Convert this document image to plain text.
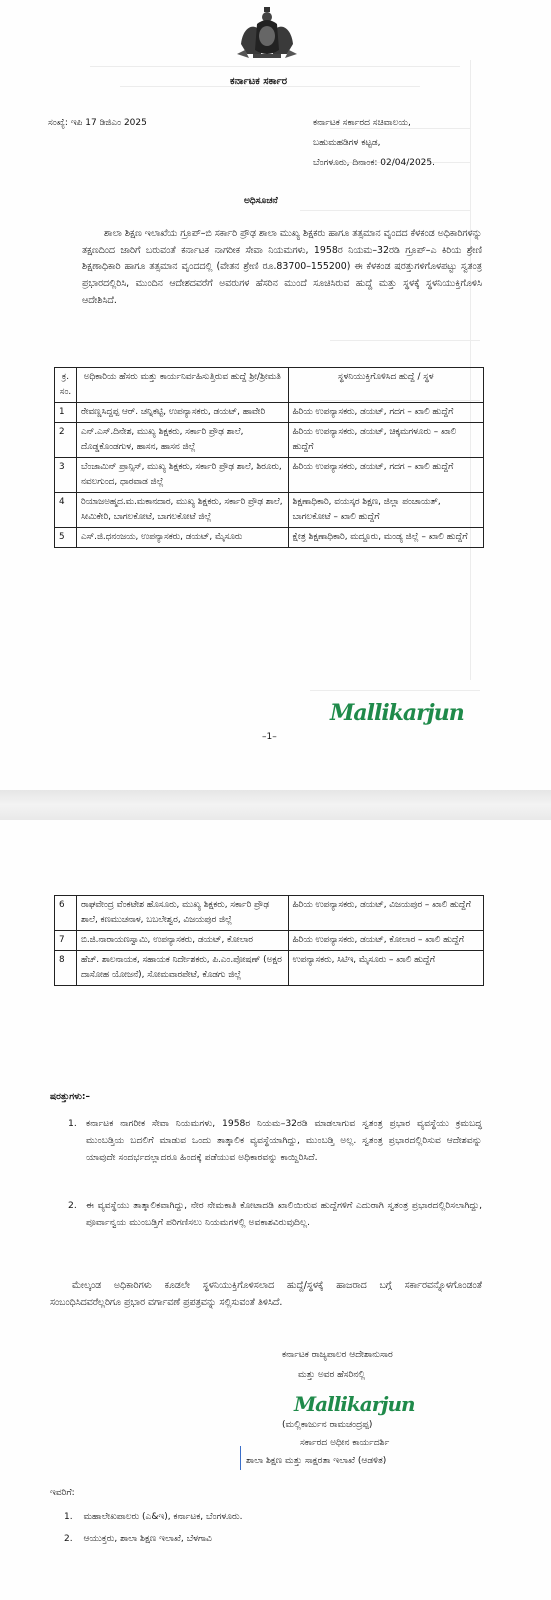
ಕರ್ನಾಟಕ ಸರ್ಕಾರ
ಸಂಖ್ಯೆ: ಇಪಿ 17 ಡಿಜಿಎಂ 2025	ಕರ್ನಾಟಕ ಸರ್ಕಾರದ ಸಚಿವಾಲಯ,
ಬಹುಮಹಡಿಗಳ ಕಟ್ಟಡ,
ಬೆಂಗಳೂರು, ದಿನಾಂಕ: 02/04/2025.
ಅಧಿಸೂಚನೆ
ಶಾಲಾ ಶಿಕ್ಷಣ ಇಲಾಖೆಯ ಗ್ರೂಪ್–ಬಿ ಸರ್ಕಾರಿ ಪ್ರೌಢ ಶಾಲಾ ಮುಖ್ಯ ಶಿಕ್ಷಕರು ಹಾಗೂ ತತ್ಸಮಾನ ವೃಂದದ ಕೆಳಕಂಡ ಅಧಿಕಾರಿಗಳನ್ನು ತಕ್ಷಣದಿಂದ ಜಾರಿಗೆ ಬರುವಂತೆ ಕರ್ನಾಟಕ ನಾಗರೀಕ ಸೇವಾ ನಿಯಮಗಳು, 1958ರ ನಿಯಮ–32ರಡಿ ಗ್ರೂಪ್–ಎ ಕಿರಿಯ ಶ್ರೇಣಿ ಶಿಕ್ಷಣಾಧಿಕಾರಿ ಹಾಗೂ ತತ್ಸಮಾನ ವೃಂದದಲ್ಲಿ (ವೇತನ ಶ್ರೇಣಿ ರೂ.83700–155200) ಈ ಕೆಳಕಂಡ ಷರತ್ತುಗಳಿಗೊಳಪಟ್ಟು ಸ್ವತಂತ್ರ ಪ್ರಭಾರದಲ್ಲಿರಿಸಿ, ಮುಂದಿನ ಆದೇಶದವರೆಗೆ ಅವರುಗಳ ಹೆಸರಿನ ಮುಂದೆ ಸೂಚಿಸಿರುವ ಹುದ್ದೆ ಮತ್ತು ಸ್ಥಳಕ್ಕೆ ಸ್ಥಳನಿಯುಕ್ತಿಗೊಳಿಸಿ ಆದೇಶಿಸಿದೆ.
ಕ್ರ. ಸಂ.	ಅಧಿಕಾರಿಯ ಹೆಸರು ಮತ್ತು ಕಾರ್ಯನಿರ್ವಹಿಸುತ್ತಿರುವ ಹುದ್ದೆ ಶ್ರೀ/ಶ್ರೀಮತಿ	ಸ್ಥಳನಿಯುಕ್ತಿಗೊಳಿಸಿದ ಹುದ್ದೆ / ಸ್ಥಳ
1	ರೇವಣ್ಣಸಿದ್ದಪ್ಪ ಆರ್. ಚನ್ನಿಕಟ್ಟಿ, ಉಪನ್ಯಾಸಕರು, ಡಯಟ್, ಹಾವೇರಿ	ಹಿರಿಯ ಉಪನ್ಯಾಸಕರು, ಡಯಟ್, ಗದಗ – ಖಾಲಿ ಹುದ್ದೆಗೆ
2	ಎನ್.ಎಸ್.ದಿನೇಶ, ಮುಖ್ಯ ಶಿಕ್ಷಕರು, ಸರ್ಕಾರಿ ಪ್ರೌಢ ಶಾಲೆ, ದೊಡ್ಡಕೊಂಡಗುಳ, ಹಾಸನ, ಹಾಸನ ಜಿಲ್ಲೆ	ಹಿರಿಯ ಉಪನ್ಯಾಸಕರು, ಡಯಟ್, ಚಿಕ್ಕಮಗಳೂರು – ಖಾಲಿ ಹುದ್ದೆಗೆ
3	ಬೆಂಜಾಮಿನ್ ಪ್ರಾನ್ಸಿಸ್, ಮುಖ್ಯ ಶಿಕ್ಷಕರು, ಸರ್ಕಾರಿ ಪ್ರೌಢ ಶಾಲೆ, ಶಿರೂರು, ನವಲಗುಂದ, ಧಾರವಾಡ ಜಿಲ್ಲೆ	ಹಿರಿಯ ಉಪನ್ಯಾಸಕರು, ಡಯಟ್, ಗದಗ – ಖಾಲಿ ಹುದ್ದೆಗೆ
4	ರಿಯಾಜಅಹ್ಮದ.ಮ.ಮಕಾನದಾರ, ಮುಖ್ಯ ಶಿಕ್ಷಕರು, ಸರ್ಕಾರಿ ಪ್ರೌಢ ಶಾಲೆ, ಸೀಮಿಕೇರಿ, ಬಾಗಲಕೋಟೆ, ಬಾಗಲಕೋಟೆ ಜಿಲ್ಲೆ	ಶಿಕ್ಷಣಾಧಿಕಾರಿ, ವಯಸ್ಕರ ಶಿಕ್ಷಣ, ಜಿಲ್ಲಾ ಪಂಚಾಯತ್, ಬಾಗಲಕೋಟೆ – ಖಾಲಿ ಹುದ್ದೆಗೆ
5	ಎಸ್.ಜಿ.ಧನಂಜಯ, ಉಪನ್ಯಾಸಕರು, ಡಯಟ್, ಮೈಸೂರು	ಕ್ಷೇತ್ರ ಶಿಕ್ಷಣಾಧಿಕಾರಿ, ಮದ್ದೂರು, ಮಂಡ್ಯ ಜಿಲ್ಲೆ – ಖಾಲಿ ಹುದ್ದೆಗೆ
Mallikarjun
–1–
6	ರಾಘವೇಂದ್ರ ವೆಂಕಟೇಶ ಹೊಸೂರು, ಮುಖ್ಯ ಶಿಕ್ಷಕರು, ಸರ್ಕಾರಿ ಪ್ರೌಢ ಶಾಲೆ, ಕಣಮುಚನಾಳ, ಬಬಲೇಶ್ವರ, ವಿಜಯಪುರ ಜಿಲ್ಲೆ	ಹಿರಿಯ ಉಪನ್ಯಾಸಕರು, ಡಯಟ್, ವಿಜಯಪುರ – ಖಾಲಿ ಹುದ್ದೆಗೆ
7	ಬಿ.ಜಿ.ನಾರಾಯಣಸ್ವಾಮಿ, ಉಪನ್ಯಾಸಕರು, ಡಯಟ್, ಕೋಲಾರ	ಹಿರಿಯ ಉಪನ್ಯಾಸಕರು, ಡಯಟ್, ಕೋಲಾರ – ಖಾಲಿ ಹುದ್ದೆಗೆ
8	ಹೆಚ್. ಶಾಲನಾಯಕ, ಸಹಾಯಕ ನಿರ್ದೇಶಕರು, ಪಿ.ಎಂ.ಪೋಷಣ್ (ಅಕ್ಷರ ದಾಸೋಹ ಯೋಜನೆ), ಸೋಮವಾರಪೇಟೆ, ಕೊಡಗು ಜಿಲ್ಲೆ	ಉಪನ್ಯಾಸಕರು, ಸಿಟಿಇ, ಮೈಸೂರು – ಖಾಲಿ ಹುದ್ದೆಗೆ
ಷರತ್ತುಗಳು:–
1. ಕರ್ನಾಟಕ ನಾಗರೀಕ ಸೇವಾ ನಿಯಮಗಳು, 1958ರ ನಿಯಮ–32ರಡಿ ಮಾಡಲಾಗುವ ಸ್ವತಂತ್ರ ಪ್ರಭಾರ ವ್ಯವಸ್ಥೆಯು ಕ್ರಮಬದ್ಧ ಮುಂಬಡ್ತಿಯ ಬದಲಿಗೆ ಮಾಡುವ ಒಂದು ತಾತ್ಕಾಲಿಕ ವ್ಯವಸ್ಥೆಯಾಗಿದ್ದು, ಮುಂಬಡ್ತಿ ಅಲ್ಲ. ಸ್ವತಂತ್ರ ಪ್ರಭಾರದಲ್ಲಿರಿಸುವ ಆದೇಶವನ್ನು ಯಾವುದೇ ಸಂದರ್ಭದಲ್ಲಾದರೂ ಹಿಂದಕ್ಕೆ ಪಡೆಯುವ ಅಧಿಕಾರವನ್ನು ಕಾಯ್ದಿರಿಸಿದೆ.
2. ಈ ವ್ಯವಸ್ಥೆಯು ತಾತ್ಕಾಲಿಕವಾಗಿದ್ದು, ನೇರ ನೇಮಕಾತಿ ಕೋಟಾದಡಿ ಖಾಲಿಯಿರುವ ಹುದ್ದೆಗಳಿಗೆ ಎದುರಾಗಿ ಸ್ವತಂತ್ರ ಪ್ರಭಾರದಲ್ಲಿರಿಸಲಾಗಿದ್ದು, ಪೂರ್ವಾನ್ವಯ ಮುಂಬಡ್ತಿಗೆ ಪರಿಗಣಿಸಲು ನಿಯಮಗಳಲ್ಲಿ ಅವಕಾಶವಿರುವುದಿಲ್ಲ.
ಮೇಲ್ಕಂಡ ಅಧಿಕಾರಿಗಳು ಕೂಡಲೇ ಸ್ಥಳನಿಯುಕ್ತಿಗೊಳಿಸಲಾದ ಹುದ್ದೆ/ಸ್ಥಳಕ್ಕೆ ಹಾಜರಾದ ಬಗ್ಗೆ ಸರ್ಕಾರವನ್ನೊಳಗೊಂಡಂತೆ ಸಂಬಂಧಿಸಿದವರೆಲ್ಲರಿಗೂ ಪ್ರಭಾರ ವರ್ಗಾವಣೆ ಪ್ರಪತ್ರವನ್ನು ಸಲ್ಲಿಸುವಂತೆ ತಿಳಿಸಿದೆ.
ಕರ್ನಾಟಕ ರಾಜ್ಯಪಾಲರ ಆದೇಶಾನುಸಾರ
ಮತ್ತು ಅವರ ಹೆಸರಿನಲ್ಲಿ
Mallikarjun
(ಮಲ್ಲಿಕಾರ್ಜುನ ರಾಮಚಂದ್ರಪ್ಪ)
ಸರ್ಕಾರದ ಅಧೀನ ಕಾರ್ಯದರ್ಶಿ
ಶಾಲಾ ಶಿಕ್ಷಣ ಮತ್ತು ಸಾಕ್ಷರತಾ ಇಲಾಖೆ (ಆಡಳಿತ)
ಇವರಿಗೆ:
1. ಮಹಾಲೇಖಪಾಲರು (ಎ&ಇ), ಕರ್ನಾಟಕ, ಬೆಂಗಳೂರು.
2. ಆಯುಕ್ತರು, ಶಾಲಾ ಶಿಕ್ಷಣ ಇಲಾಖೆ, ಬೆಳಗಾವಿ
